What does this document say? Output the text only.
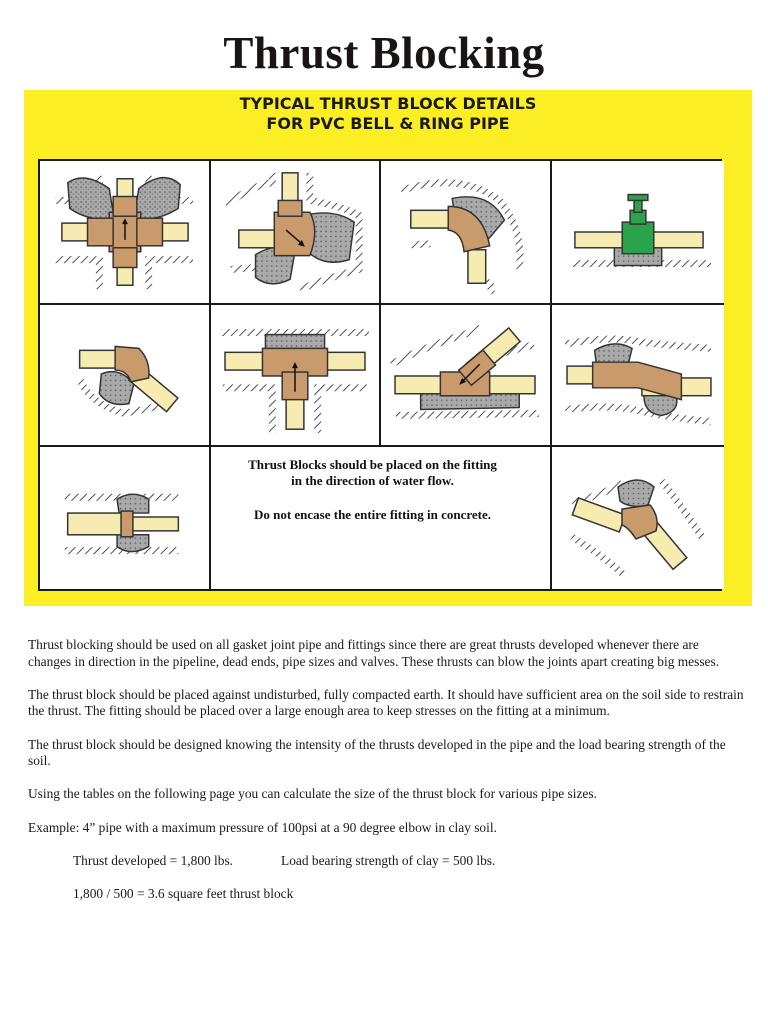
Thrust Blocking
TYPICAL THRUST BLOCK DETAILS
FOR PVC BELL & RING PIPE

Thrust Blocks should be placed on the fitting

in the direction of water flow.

Do not encase the entire fitting in concrete.

Thrust blocking should be used on all gasket joint pipe and fittings since there are great thrusts developed whenever there are changes in direction in the pipeline, dead ends, pipe sizes and valves. These thrusts can blow the joints apart creating big messes.

The thrust block should be placed against undisturbed, fully compacted earth. It should have sufficient area on the soil side to restrain the thrust. The fitting should be placed over a large enough area to keep stresses on the fitting at a minimum.

The thrust block should be designed knowing the intensity of the thrusts developed in the pipe and the load bearing strength of the soil.

Using the tables on the following page you can calculate the size of the thrust block for various pipe sizes.

Example: 4” pipe with a maximum pressure of 100psi at a 90 degree elbow in clay soil.

Thrust developed = 1,800 lbs.	Load bearing strength of clay = 500 lbs.

1,800 / 500 = 3.6 square feet thrust block
